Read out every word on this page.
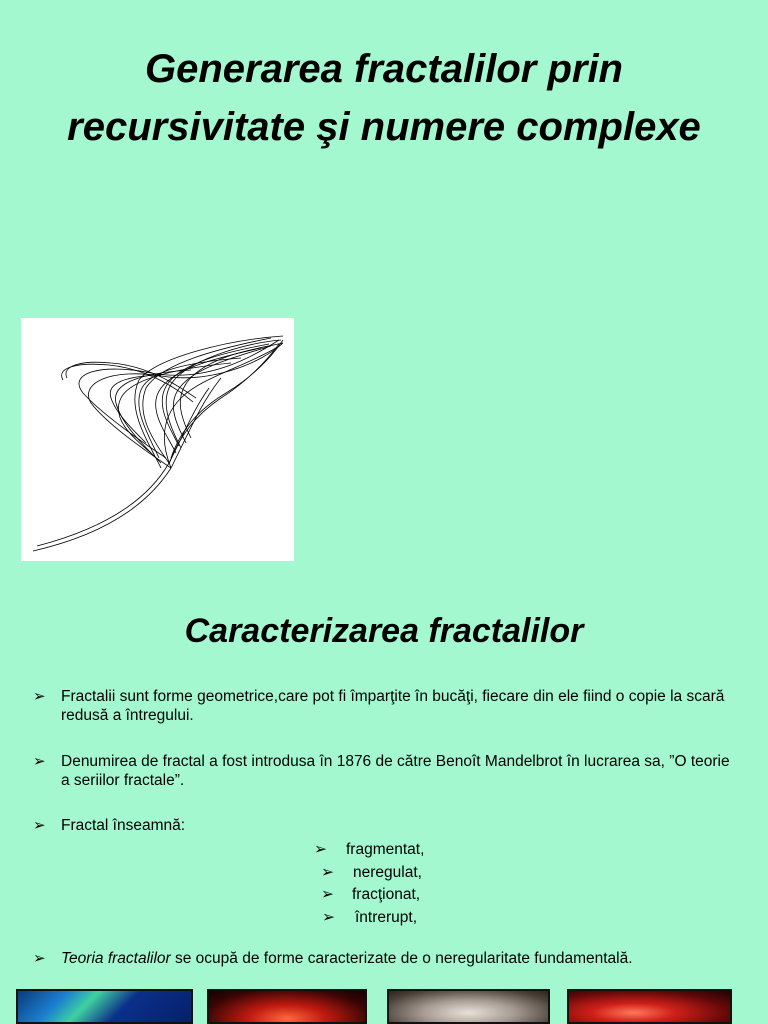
Generarea fractalilor prin recursivitate şi numere complexe
Caracterizarea fractalilor
➢ Fractalii sunt forme geometrice,care pot fi împarţite în bucăţi, fiecare din ele fiind o copie la scară redusă a întregului.
➢ Denumirea de fractal a fost introdusa în 1876 de către Benoît Mandelbrot în lucrarea sa, ”O teorie a seriilor fractale”.
➢ Fractal înseamnă:
➢ fragmentat,
➢ neregulat,
➢ fracţionat,
➢ întrerupt,
➢ Teoria fractalilor se ocupă de forme caracterizate de o neregularitate fundamentală.
